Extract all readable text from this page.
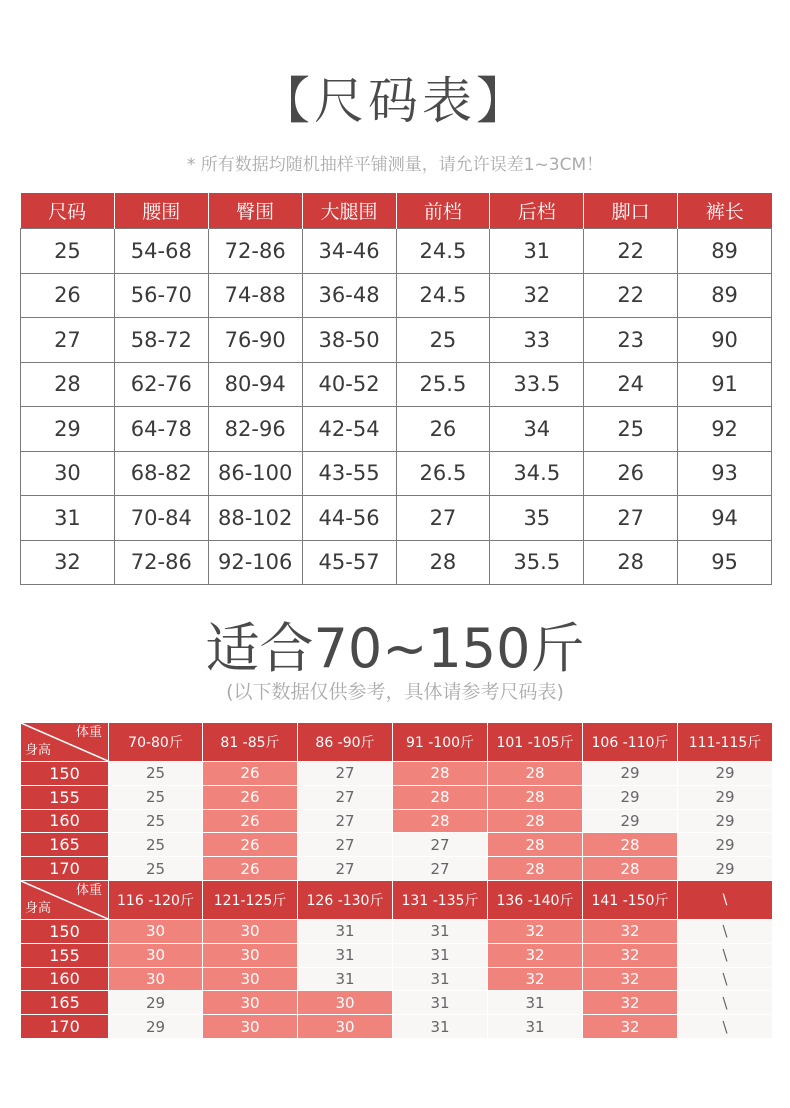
【尺码表】
* 所有数据均随机抽样平铺测量，请允许误差1~3CM！
尺码	腰围	臀围	大腿围	前档	后档	脚口	裤长
25	54-68	72-86	34-46	24.5	31	22	89
26	56-70	74-88	36-48	24.5	32	22	89
27	58-72	76-90	38-50	25	33	23	90
28	62-76	80-94	40-52	25.5	33.5	24	91
29	64-78	82-96	42-54	26	34	25	92
30	68-82	86-100	43-55	26.5	34.5	26	93
31	70-84	88-102	44-56	27	35	27	94
32	72-86	92-106	45-57	28	35.5	28	95
适合70~150斤
(以下数据仅供参考，具体请参考尺码表)
体重
身高	70-80斤	81 -85斤	86 -90斤	91 -100斤	101 -105斤	106 -110斤	111-115斤
150	25	26	27	28	28	29	29
155	25	26	27	28	28	29	29
160	25	26	27	28	28	29	29
165	25	26	27	27	28	28	29
170	25	26	27	27	28	28	29

体重
身高	116 -120斤	121-125斤	126 -130斤	131 -135斤	136 -140斤	141 -150斤	\
150	30	30	31	31	32	32	\
155	30	30	31	31	32	32	\
160	30	30	31	31	32	32	\
165	29	30	30	31	31	32	\
170	29	30	30	31	31	32	\
